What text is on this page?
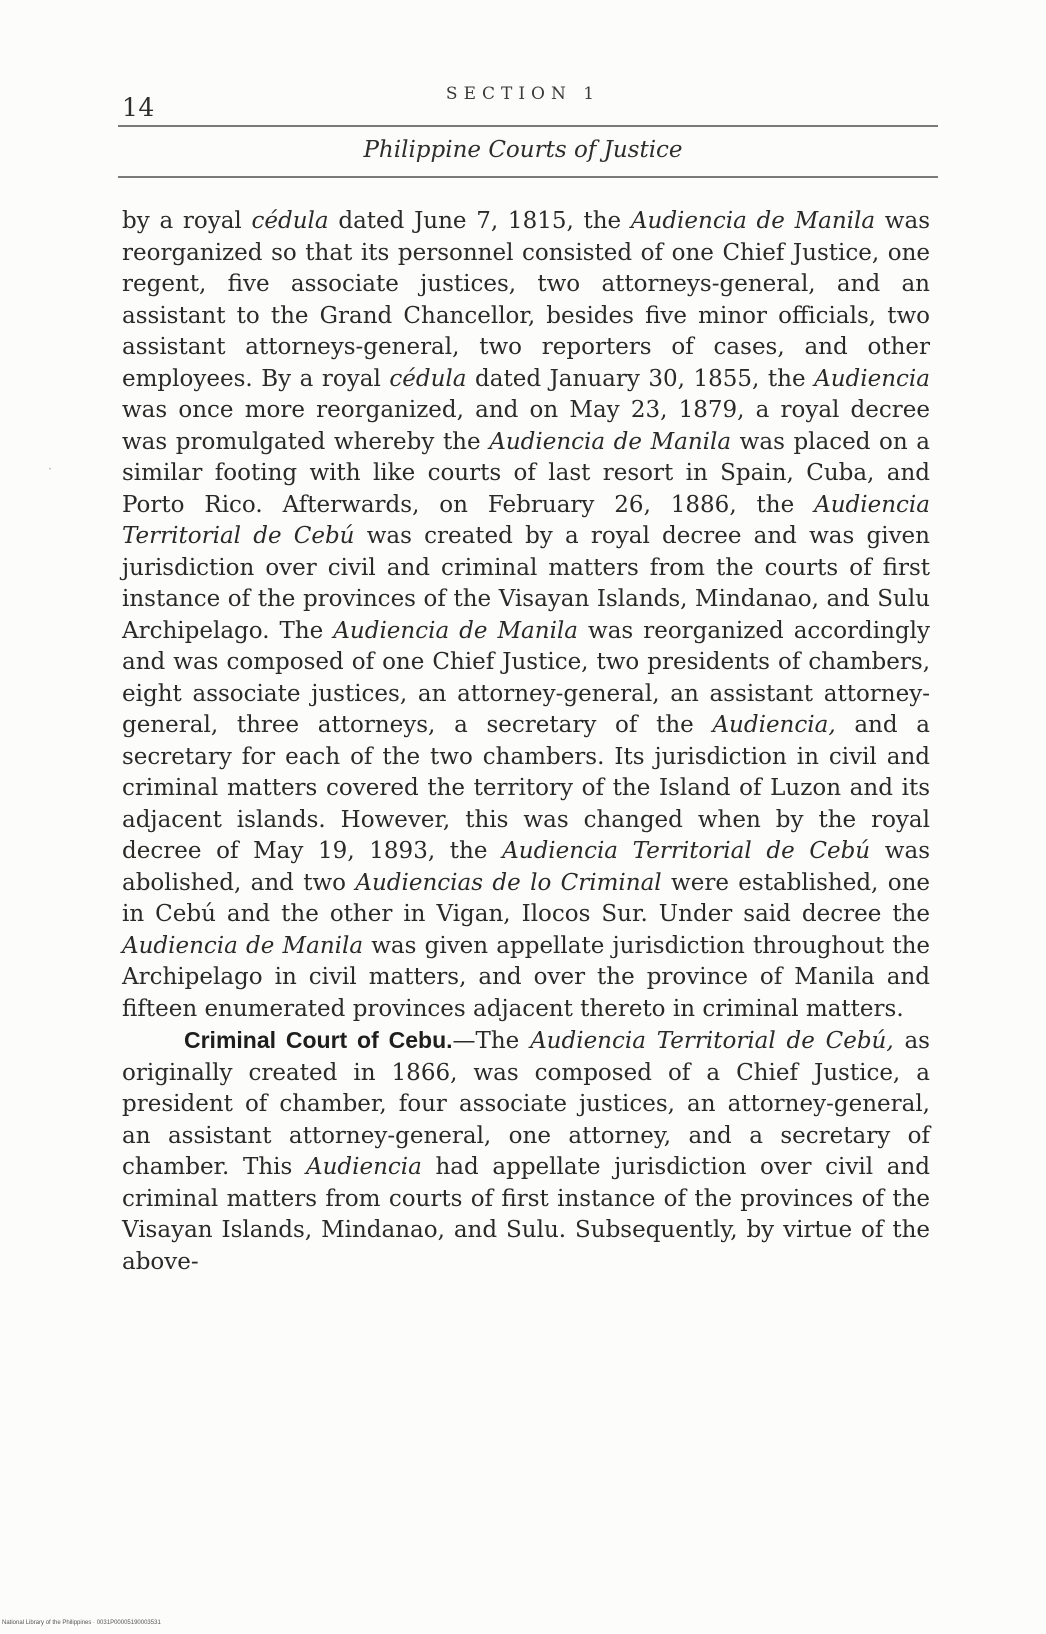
14	SECTION 1
Philippine Courts of Justice
·

by a royal cédula dated June 7, 1815, the Audiencia de Manila was reorganized so that its personnel consisted of one Chief Justice, one regent, five associate justices, two attorneys-general, and an assistant to the Grand Chancellor, besides five minor officials, two assistant attorneys-general, two reporters of cases, and other employees. By a royal cédula dated January 30, 1855, the Audiencia was once more reorganized, and on May 23, 1879, a royal decree was promulgated whereby the Audiencia de Manila was placed on a similar footing with like courts of last resort in Spain, Cuba, and Porto Rico. Afterwards, on February 26, 1886, the Audiencia Territorial de Cebú was created by a royal decree and was given jurisdiction over civil and criminal matters from the courts of first instance of the provinces of the Visayan Islands, Mindanao, and Sulu Archipelago. The Audiencia de Manila was reorganized accordingly and was composed of one Chief Justice, two presidents of chambers, eight associate justices, an attorney-general, an assistant attorney-general, three attorneys, a secretary of the Audiencia, and a secretary for each of the two chambers. Its jurisdiction in civil and criminal matters covered the territory of the Island of Luzon and its adjacent islands. However, this was changed when by the royal decree of May 19, 1893, the Audiencia Territorial de Cebú was abolished, and two Audiencias de lo Criminal were established, one in Cebú and the other in Vigan, Ilocos Sur. Under said decree the Audiencia de Manila was given appellate jurisdiction throughout the Archipelago in civil matters, and over the province of Manila and fifteen enumerated provinces adjacent thereto in criminal matters.

Criminal Court of Cebu.—The Audiencia Territorial de Cebú, as originally created in 1866, was composed of a Chief Justice, a president of chamber, four associate justices, an attorney-general, an assistant attorney-general, one attorney, and a secretary of chamber. This Audiencia had appellate jurisdiction over civil and criminal matters from courts of first instance of the provinces of the Visayan Islands, Mindanao, and Sulu. Subsequently, by virtue of the above-

National Library of the Philippines · 0031P00005190003531
